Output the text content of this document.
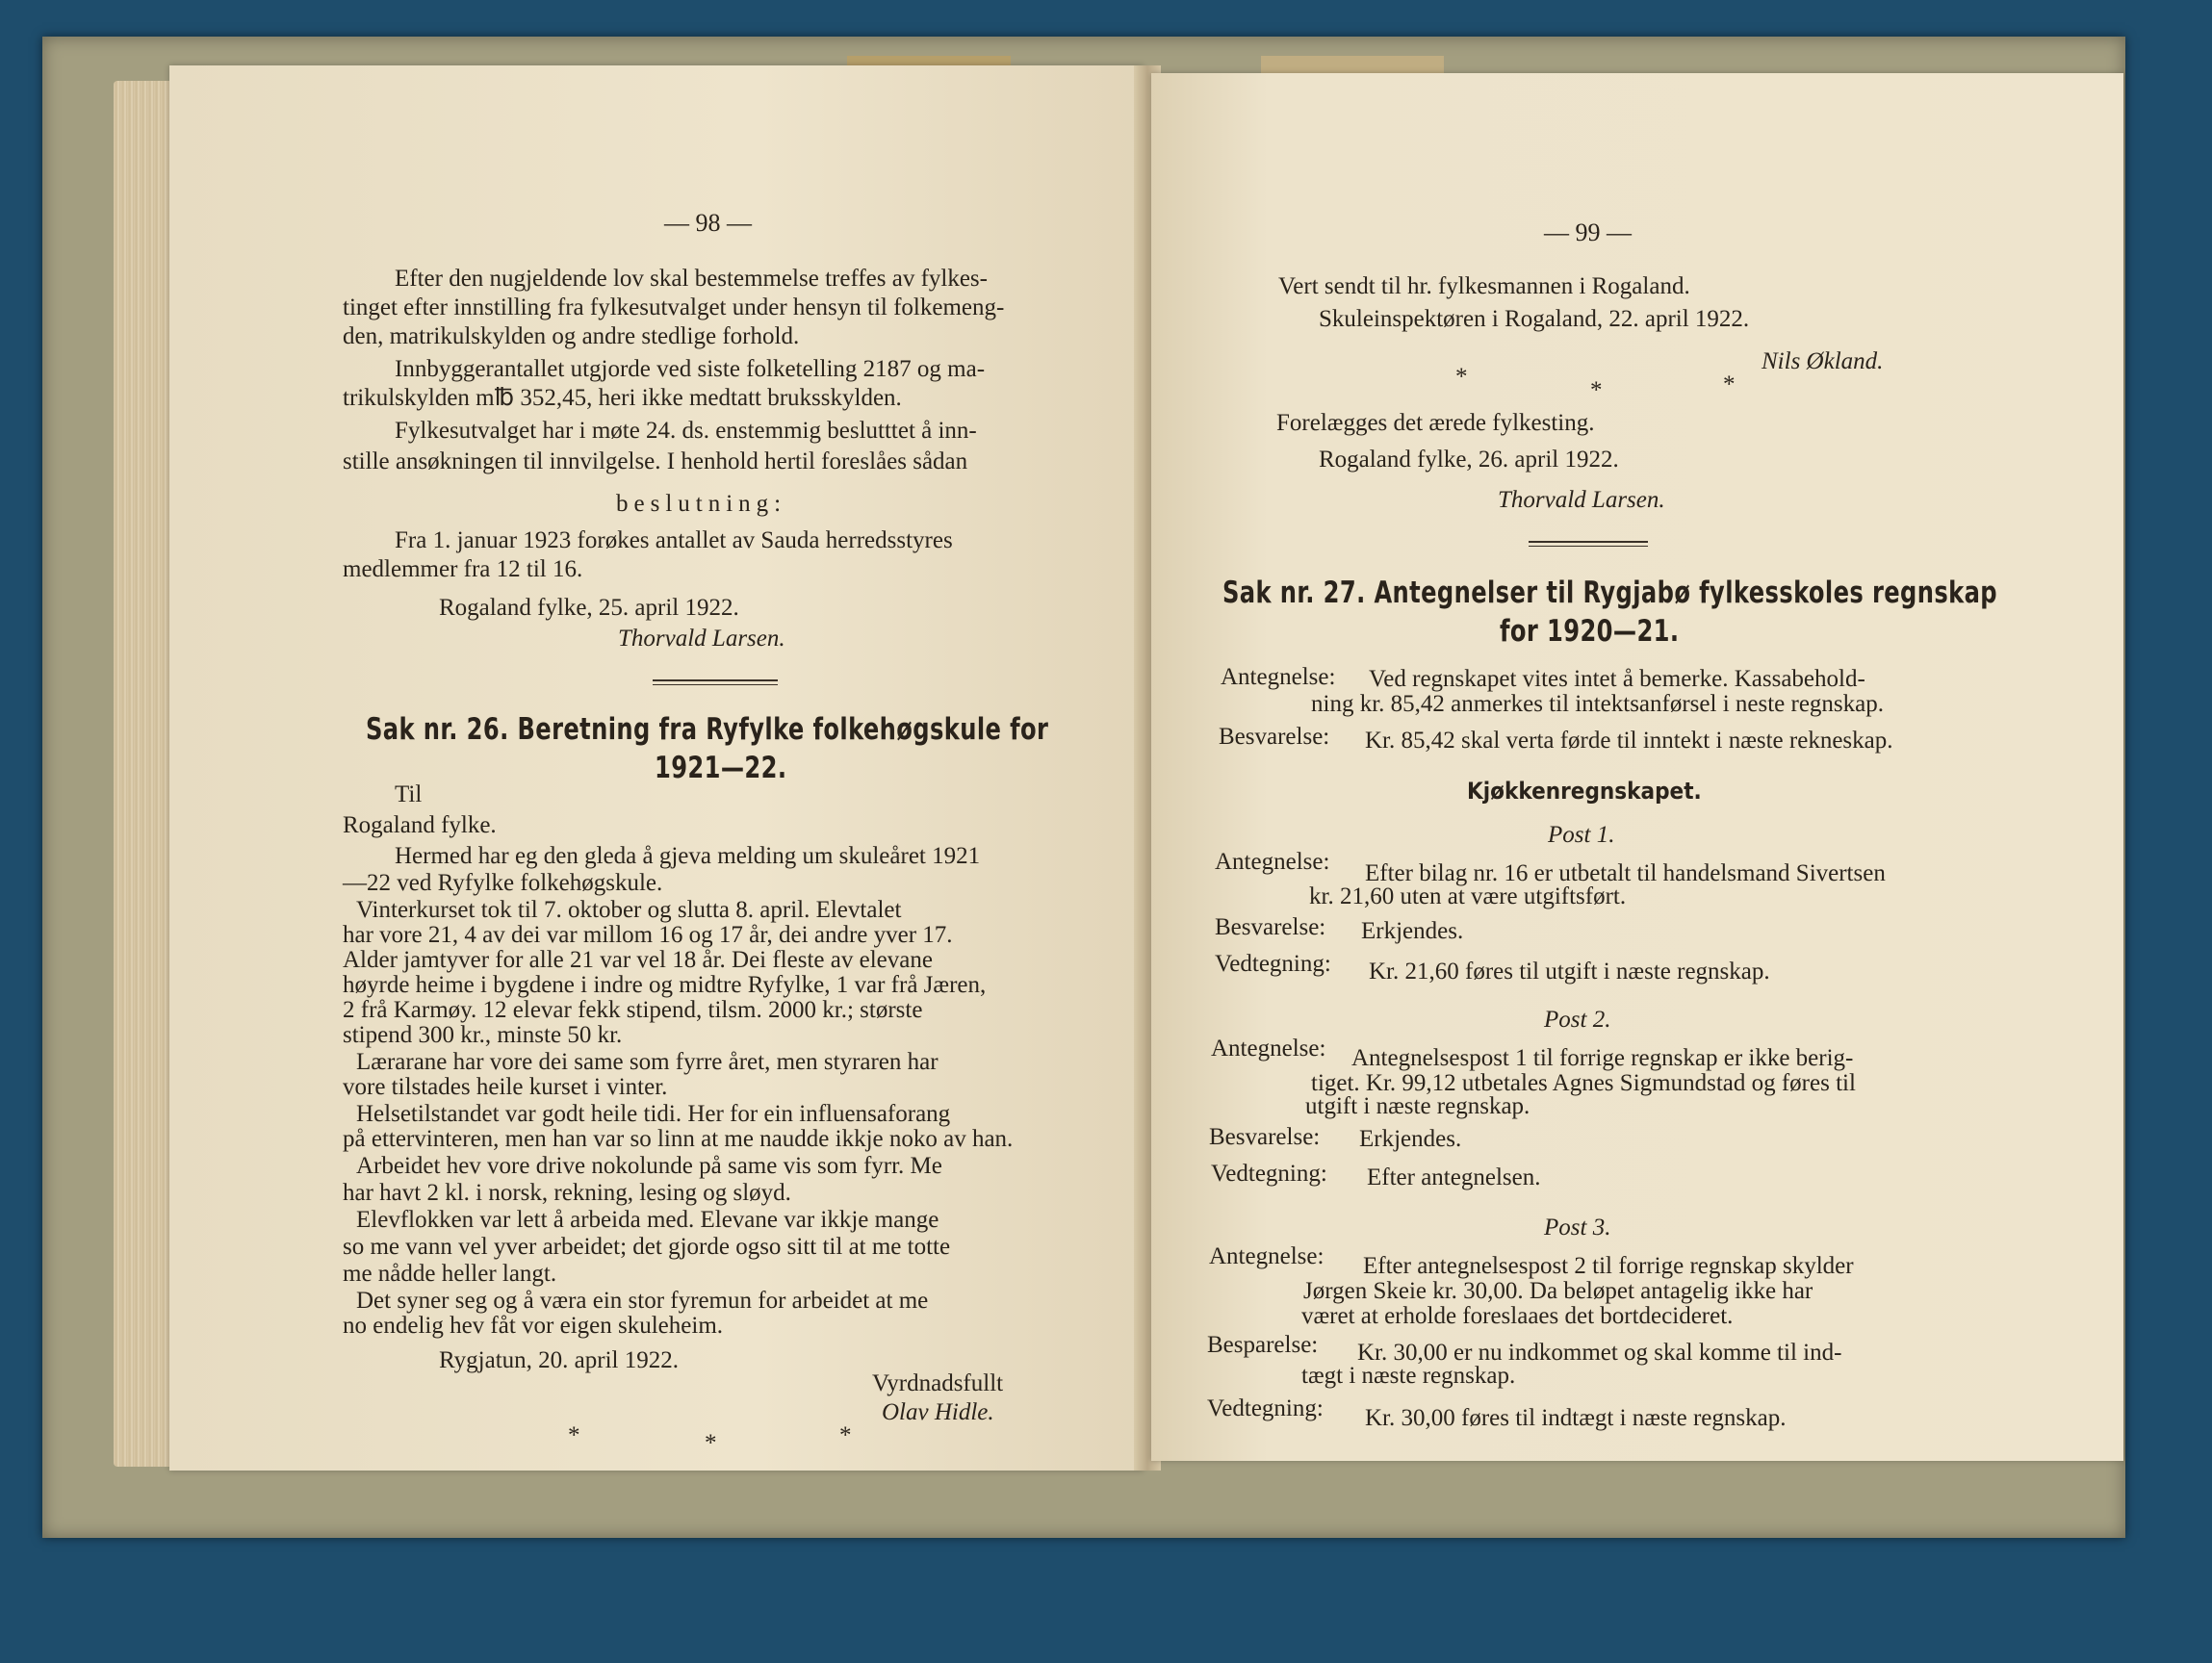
— 98 —
Efter den nugjeldende lov skal bestemmelse treffes av fylkes-
tinget efter innstilling fra fylkesutvalget under hensyn til folkemeng-
den, matrikulskylden og andre stedlige forhold.
Innbyggerantallet utgjorde ved siste folketelling 2187 og ma-
trikulskylden m℔ 352,45, heri ikke medtatt bruksskylden.
Fylkesutvalget har i møte 24. ds. enstemmig beslutttet å inn-
stille ansøkningen til innvilgelse. I henhold hertil foreslåes sådan
beslutning:
Fra 1. januar 1923 forøkes antallet av Sauda herredsstyres
medlemmer fra 12 til 16.
Rogaland fylke, 25. april 1922.
Thorvald Larsen.
Sak nr. 26. Beretning fra Ryfylke folkehøgskule for
1921—22.
Til
Rogaland fylke.
Hermed har eg den gleda å gjeva melding um skuleåret 1921
—22 ved Ryfylke folkehøgskule.
Vinterkurset tok til 7. oktober og slutta 8. april. Elevtalet
har vore 21, 4 av dei var millom 16 og 17 år, dei andre yver 17.
Alder jamtyver for alle 21 var vel 18 år. Dei fleste av elevane
høyrde heime i bygdene i indre og midtre Ryfylke, 1 var frå Jæren,
2 frå Karmøy. 12 elevar fekk stipend, tilsm. 2000 kr.; største
stipend 300 kr., minste 50 kr.
Lærarane har vore dei same som fyrre året, men styraren har
vore tilstades heile kurset i vinter.
Helsetilstandet var godt heile tidi. Her for ein influensaforang
på ettervinteren, men han var so linn at me naudde ikkje noko av han.
Arbeidet hev vore drive nokolunde på same vis som fyrr. Me
har havt 2 kl. i norsk, rekning, lesing og sløyd.
Elevflokken var lett å arbeida med. Elevane var ikkje mange
so me vann vel yver arbeidet; det gjorde ogso sitt til at me totte
me nådde heller langt.
Det syner seg og å væra ein stor fyremun for arbeidet at me
no endelig hev fåt vor eigen skuleheim.
Rygjatun, 20. april 1922.
Vyrdnadsfullt
Olav Hidle.
*	*	*
— 99 —
Vert sendt til hr. fylkesmannen i Rogaland.
Skuleinspektøren i Rogaland, 22. april 1922.
Nils Økland.
*
*	*
Forelægges det ærede fylkesting.
Rogaland fylke, 26. april 1922.
Thorvald Larsen.
Sak nr. 27. Antegnelser til Rygjabø fylkesskoles regnskap
for 1920—21.
Antegnelse: Ved regnskapet vites intet å bemerke. Kassabehold-
ning kr. 85,42 anmerkes til intektsanførsel i neste regnskap.
Besvarelse: Kr. 85,42 skal verta førde til inntekt i næste rekneskap.
Kjøkkenregnskapet.
Post 1.
Antegnelse: Efter bilag nr. 16 er utbetalt til handelsmand Sivertsen
kr. 21,60 uten at være utgiftsført.
Besvarelse: Erkjendes.
Vedtegning: Kr. 21,60 føres til utgift i næste regnskap.
Post 2.
Antegnelse: Antegnelsespost 1 til forrige regnskap er ikke berig-
tiget. Kr. 99,12 utbetales Agnes Sigmundstad og føres til
utgift i næste regnskap.
Besvarelse: Erkjendes.
Vedtegning: Efter antegnelsen.
Post 3.
Antegnelse: Efter antegnelsespost 2 til forrige regnskap skylder
Jørgen Skeie kr. 30,00. Da beløpet antagelig ikke har
været at erholde foreslaaes det bortdecideret.
Besparelse: Kr. 30,00 er nu indkommet og skal komme til ind-
tægt i næste regnskap.
Vedtegning: Kr. 30,00 føres til indtægt i næste regnskap.
